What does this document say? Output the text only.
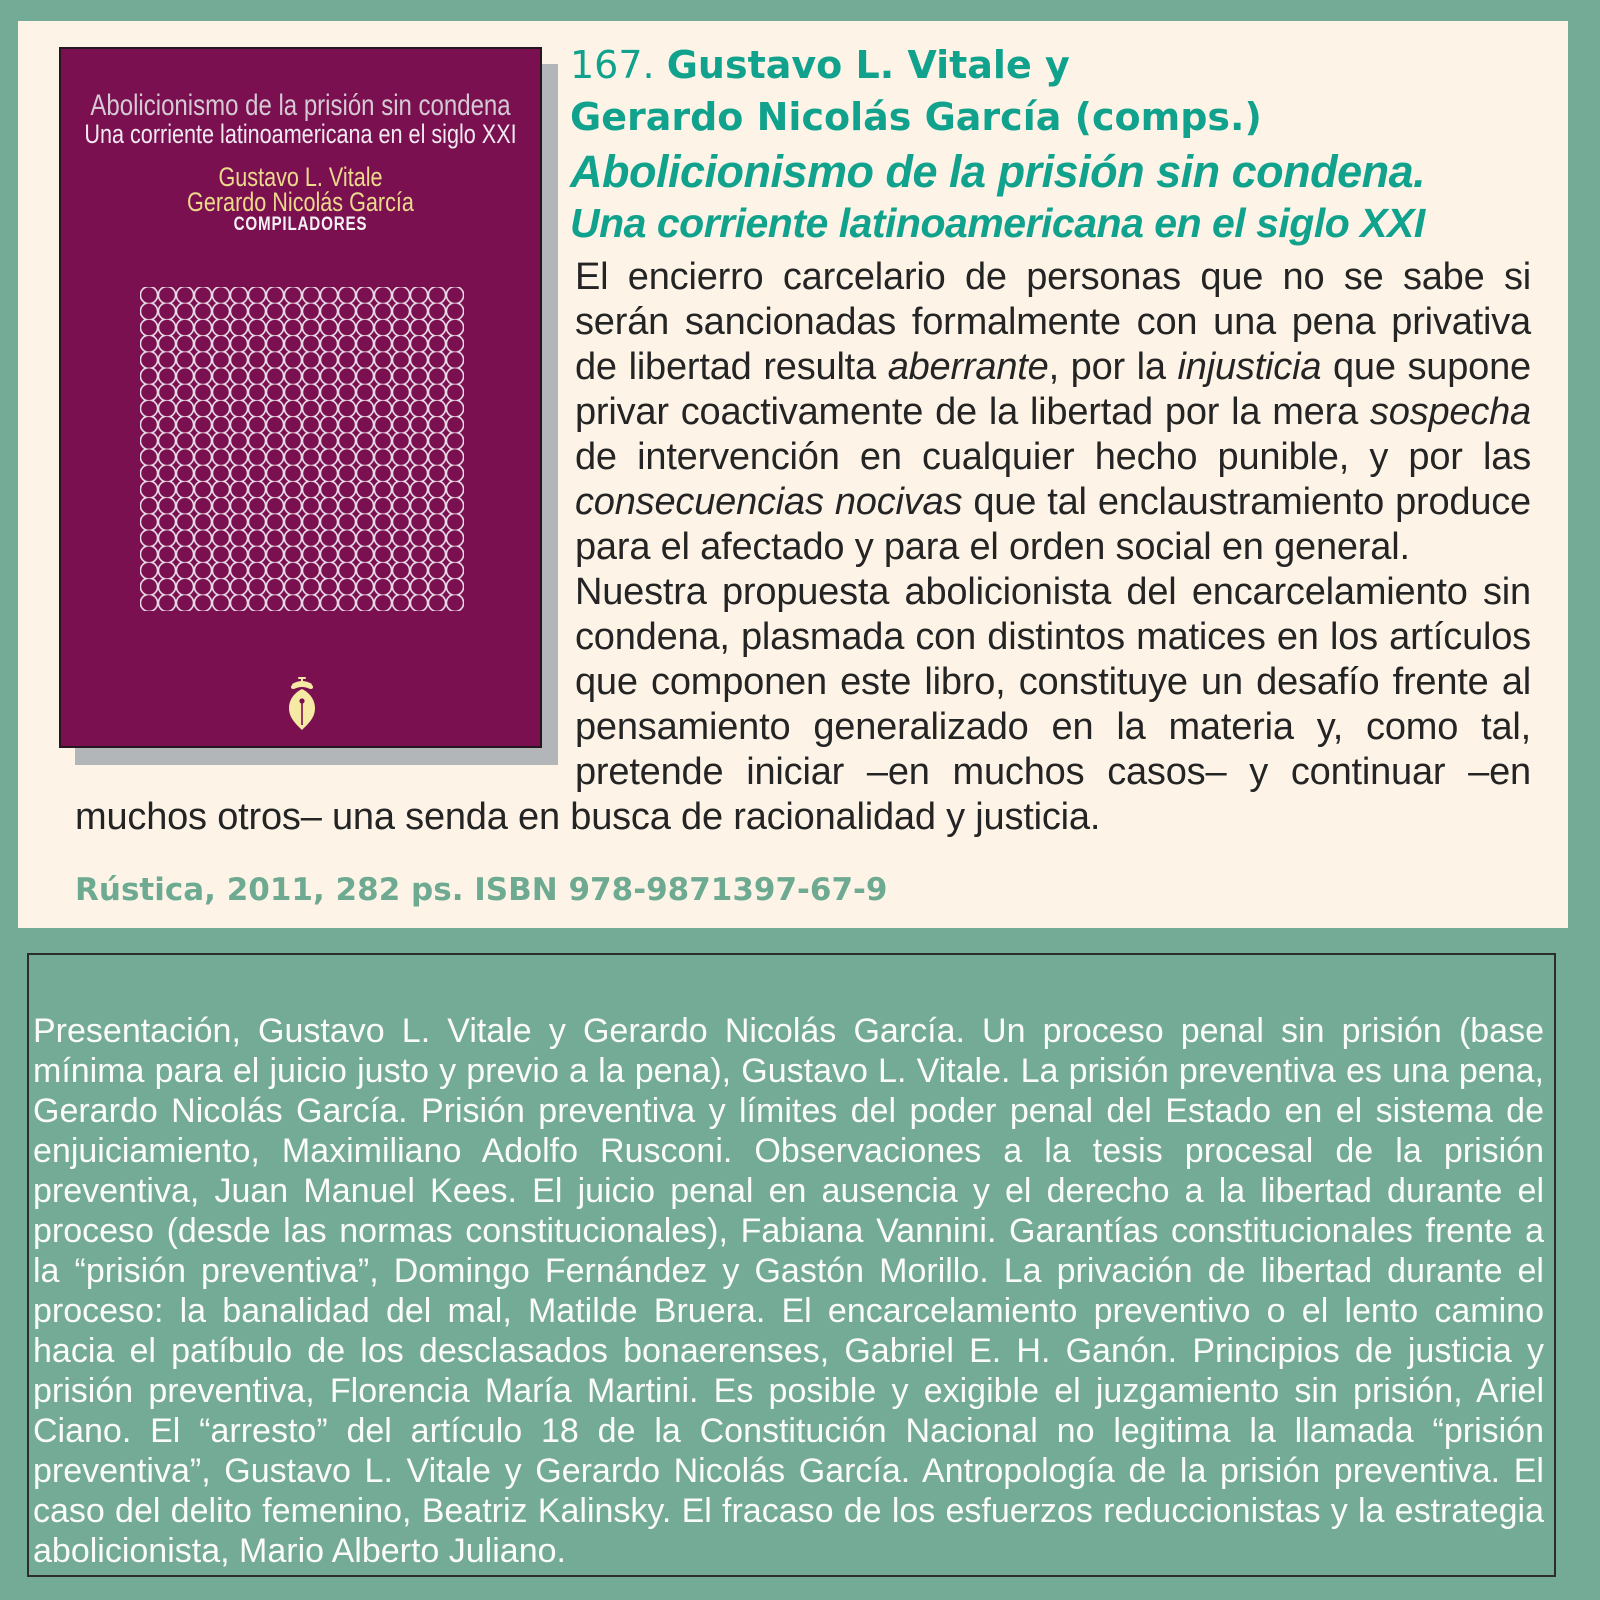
Abolicionismo de la prisión sin condena
Una corriente latinoamericana en el siglo XXI
Gustavo L. Vitale
Gerardo Nicolás García
COMPILADORES
167. Gustavo L. Vitale y
Gerardo Nicolás García (comps.)
Abolicionismo de la prisión sin condena.
Una corriente latinoamericana en el siglo XXI

El encierro carcelario de personas que no se sabe si serán sancionadas formalmente con una pena privativa de libertad resulta aberrante, por la injusticia que supone privar coactivamente de la libertad por la mera sospecha de intervención en cualquier hecho punible, y por las consecuencias nocivas que tal enclaustramiento produce para el afectado y para el orden social en general.

Nuestra propuesta abolicionista del encarcelamiento sin condena, plasmada con distintos matices en los artículos que componen este libro, constituye un desafío frente al pensamiento generalizado en la materia y, como tal, pretende iniciar –en muchos casos– y continuar –en muchos otros– una senda en busca de racionalidad y justicia.

Rústica, 2011, 282 ps. ISBN 978-9871397-67-9

Presentación, Gustavo L. Vitale y Gerardo Nicolás García. Un proceso penal sin prisión (base mínima para el juicio justo y previo a la pena), Gustavo L. Vitale. La prisión preventiva es una pena, Gerardo Nicolás García. Prisión preventiva y límites del poder penal del Estado en el sistema de enjuiciamiento, Maximiliano Adolfo Rusconi. Observaciones a la tesis procesal de la prisión preventiva, Juan Manuel Kees. El juicio penal en ausencia y el derecho a la libertad durante el proceso (desde las normas constitucionales), Fabiana Vannini. Garantías constitucionales frente a la “prisión preventiva”, Domingo Fernández y Gastón Morillo. La privación de libertad durante el proceso: la banalidad del mal, Matilde Bruera. El encarcelamiento preventivo o el lento camino hacia el patíbulo de los desclasados bonaerenses, Gabriel E. H. Ganón. Principios de justicia y prisión preventiva, Florencia María Martini. Es posible y exigible el juzgamiento sin prisión, Ariel Ciano. El “arresto” del artículo 18 de la Constitución Nacional no legitima la llamada “prisión preventiva”, Gustavo L. Vitale y Gerardo Nicolás García. Antropología de la prisión preventiva. El caso del delito femenino, Beatriz Kalinsky. El fracaso de los esfuerzos reduccionistas y la estrategia abolicionista, Mario Alberto Juliano.
